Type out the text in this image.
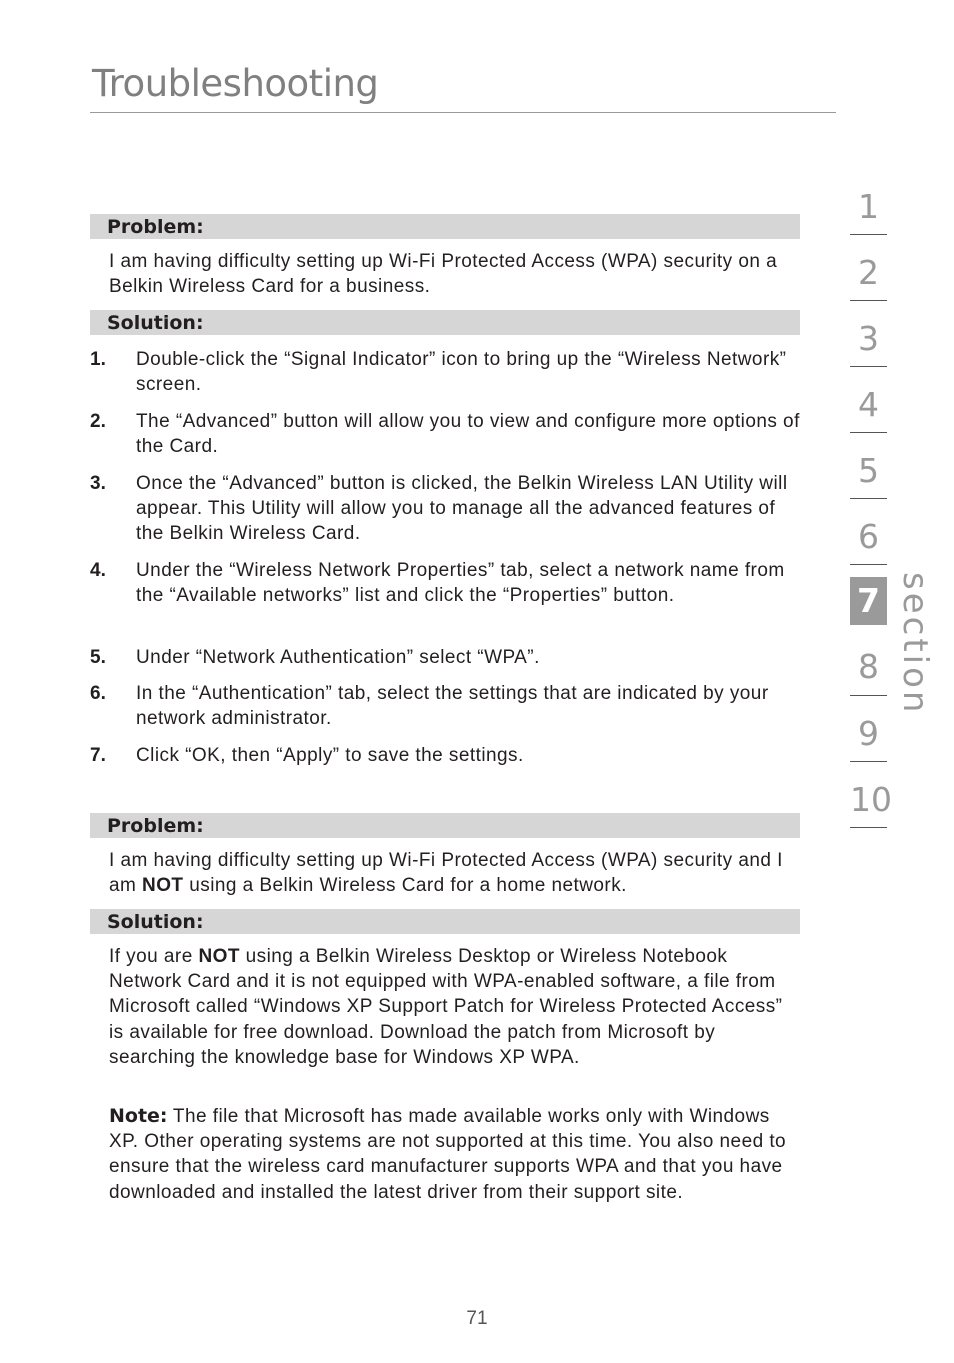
Troubleshooting
Problem:
I am having difficulty setting up Wi-Fi Protected Access (WPA) security on a Belkin Wireless Card for a business.
Solution:
1. Double-click the “Signal Indicator” icon to bring up the “Wireless Network” screen.
2. The “Advanced” button will allow you to view and configure more options of the Card.
3. Once the “Advanced” button is clicked, the Belkin Wireless LAN Utility will appear. This Utility will allow you to manage all the advanced features of the Belkin Wireless Card.
4. Under the “Wireless Network Properties” tab, select a network name from the “Available networks” list and click the “Properties” button.
5. Under “Network Authentication” select “WPA”.
6. In the “Authentication” tab, select the settings that are indicated by your network administrator.
7. Click “OK, then “Apply” to save the settings.
Problem:
I am having difficulty setting up Wi-Fi Protected Access (WPA) security and I am NOT using a Belkin Wireless Card for a home network.
Solution:
If you are NOT using a Belkin Wireless Desktop or Wireless Notebook Network Card and it is not equipped with WPA-enabled software, a file from Microsoft called “Windows XP Support Patch for Wireless Protected Access” is available for free download. Download the patch from Microsoft by searching the knowledge base for Windows XP WPA.
Note: The file that Microsoft has made available works only with Windows XP. Other operating systems are not supported at this time. You also need to ensure that the wireless card manufacturer supports WPA and that you have downloaded and installed the latest driver from their support site.
1
2
3
4
5
6
7
8
9
10
section
71
